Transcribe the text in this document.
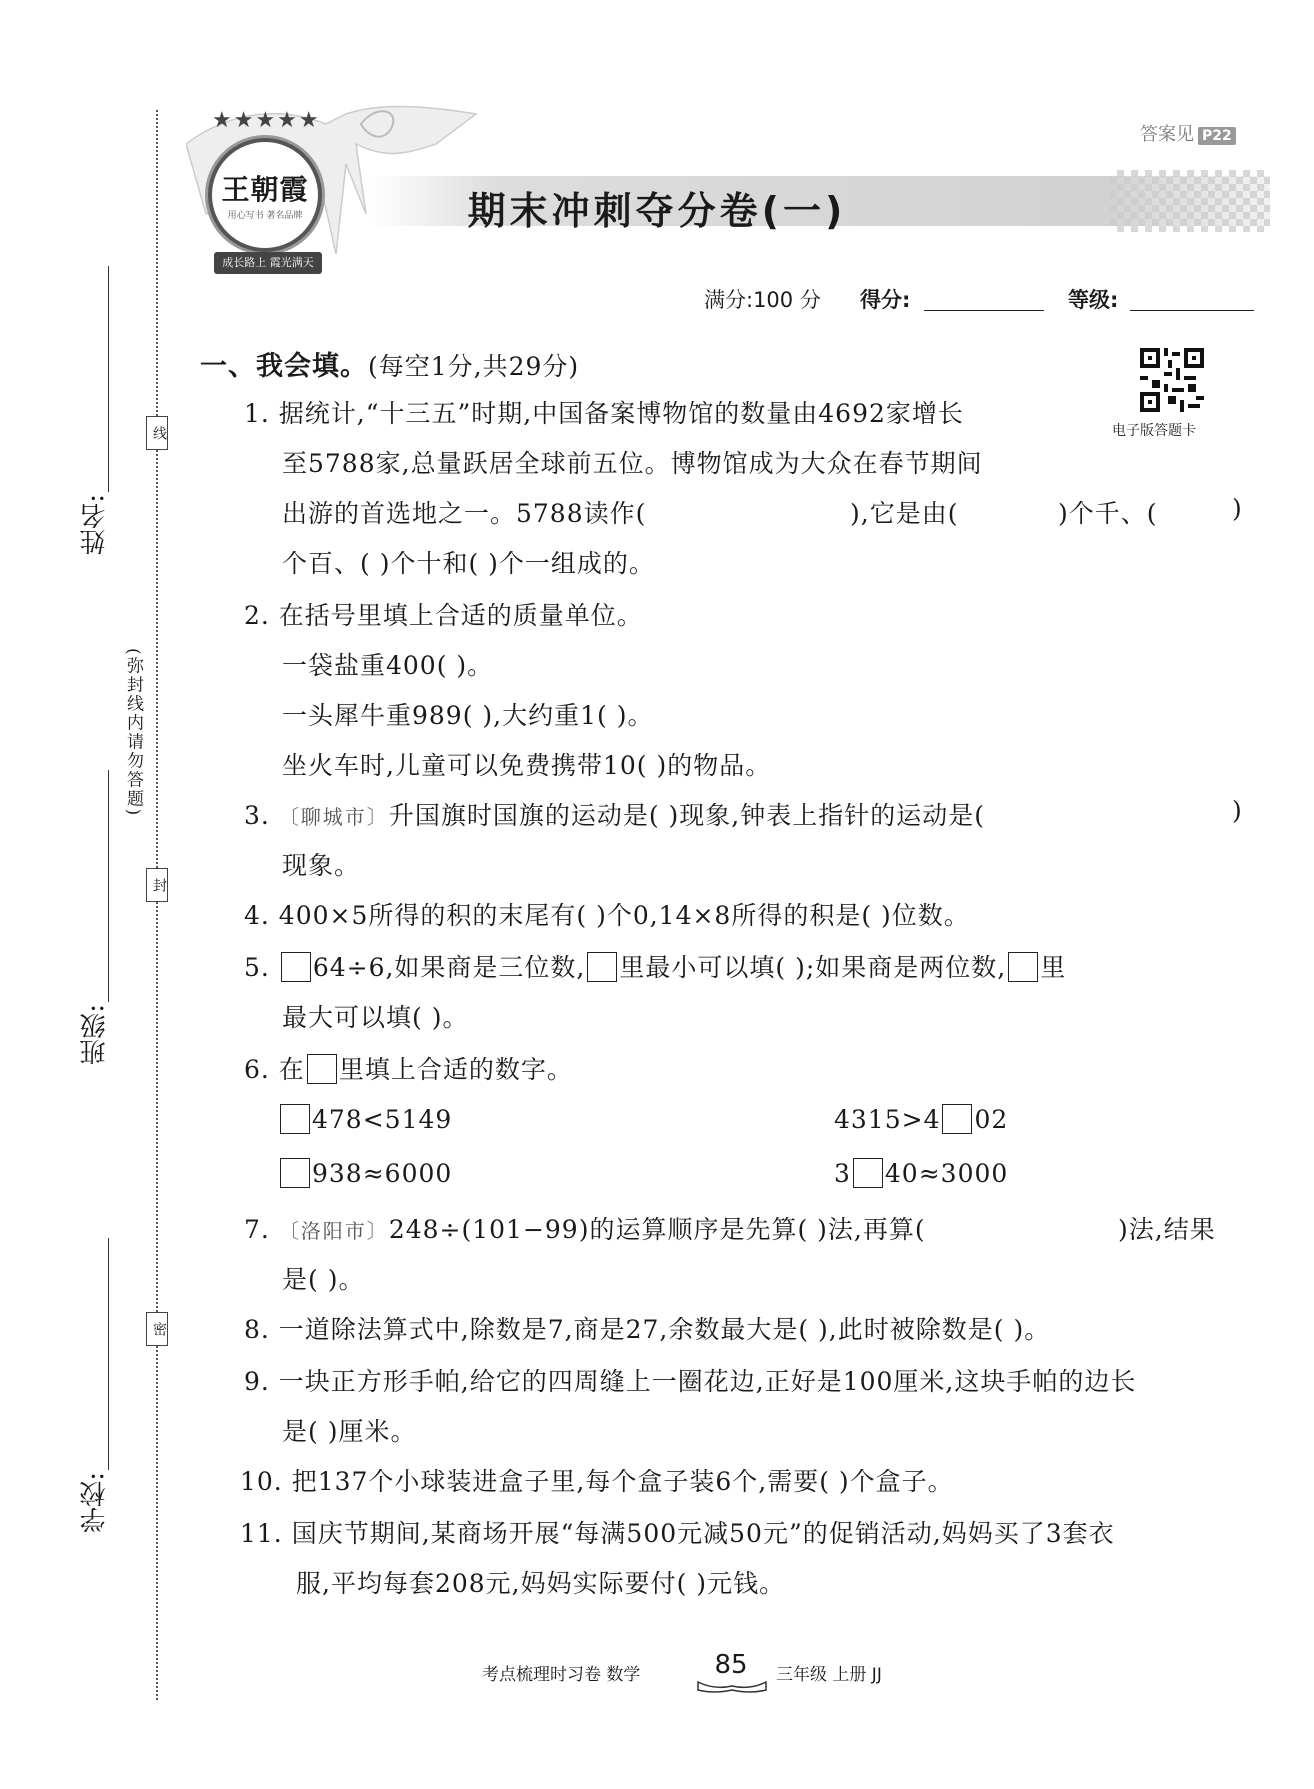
线
封
密
(弥封线内请勿答题)
姓名:
班级:
学校:
答案见 P22
期末冲刺夺分卷(一)
★★★★★
王朝霞
用心写书 著名品牌
成长路上 霞光满天
满分:100 分 得分:	等级:
电子版答题卡
一、我会填。(每空1分,共29分)
1. 据统计,“十三五”时期,中国备案博物馆的数量由4692家增长
至5788家,总量跃居全球前五位。博物馆成为大众在春节期间
出游的首选地之一。5788读作(	),它是由(	)个千、(	)
个百、( )个十和( )个一组成的。
2. 在括号里填上合适的质量单位。
一袋盐重400( )。
一头犀牛重989( ),大约重1( )。
坐火车时,儿童可以免费携带10( )的物品。
3. 〔聊城市〕升国旗时国旗的运动是( )现象,钟表上指针的运动是(	)
现象。
4. 400×5所得的积的末尾有( )个0,14×8所得的积是( )位数。
5. 64÷6,如果商是三位数, 里最小可以填( );如果商是两位数, 里
最大可以填( )。
6. 在 里填上合适的数字。
478<5149	4315>4 02
938≈6000	3 40≈3000
7. 〔洛阳市〕248÷(101−99)的运算顺序是先算( )法,再算(	)法,结果
是( )。
8. 一道除法算式中,除数是7,商是27,余数最大是( ),此时被除数是( )。
9. 一块正方形手帕,给它的四周缝上一圈花边,正好是100厘米,这块手帕的边长
是( )厘米。
10. 把137个小球装进盒子里,每个盒子装6个,需要( )个盒子。
11. 国庆节期间,某商场开展“每满500元减50元”的促销活动,妈妈买了3套衣
服,平均每套208元,妈妈实际要付( )元钱。
考点梳理时习卷 数学	85	三年级 上册 JJ
